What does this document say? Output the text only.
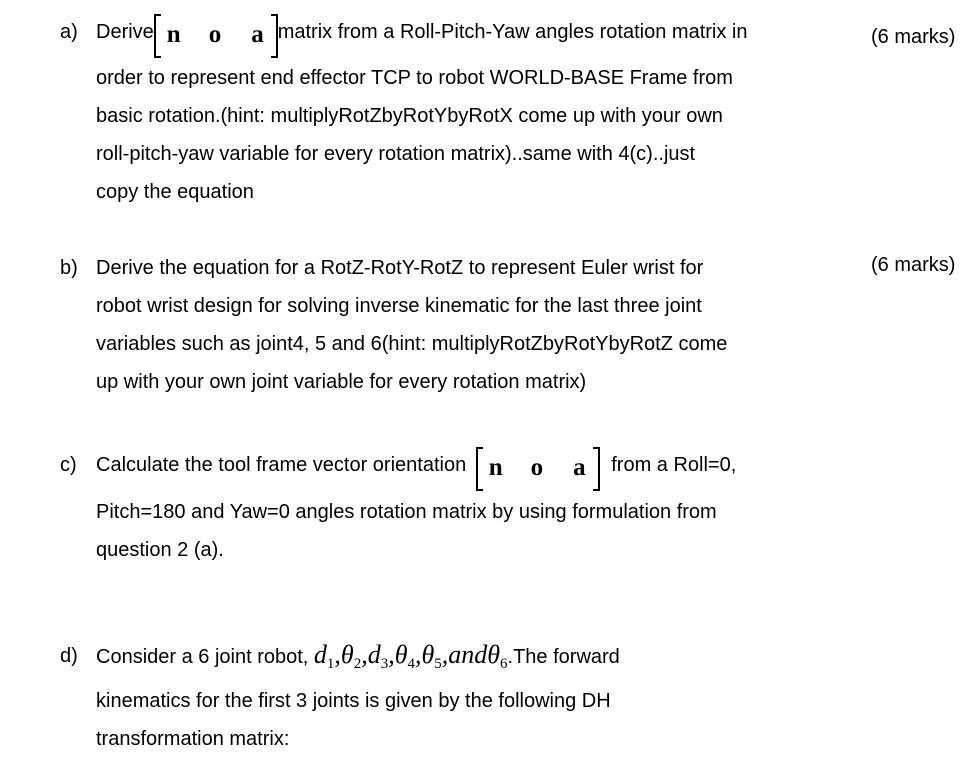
a) Derive n o a matrix from a Roll-Pitch-Yaw angles rotation matrix in	(6 marks)
order to represent end effector TCP to robot WORLD-BASE Frame from
basic rotation.(hint: multiplyRotZbyRotYbyRotX come up with your own
roll-pitch-yaw variable for every rotation matrix)..same with 4(c)..just
copy the equation
b) Derive the equation for a RotZ-RotY-RotZ to represent Euler wrist for	(6 marks)
robot wrist design for solving inverse kinematic for the last three joint
variables such as joint4, 5 and 6(hint: multiplyRotZbyRotYbyRotZ come
up with your own joint variable for every rotation matrix)
c) Calculate the tool frame vector orientation n o a from a Roll=0,
Pitch=180 and Yaw=0 angles rotation matrix by using formulation from
question 2 (a).
d) Consider a 6 joint robot, $d_1,\theta_2,d_3,\theta_4,\theta_5,and\theta_6.The$ forward
kinematics for the first 3 joints is given by the following DH
transformation matrix:
